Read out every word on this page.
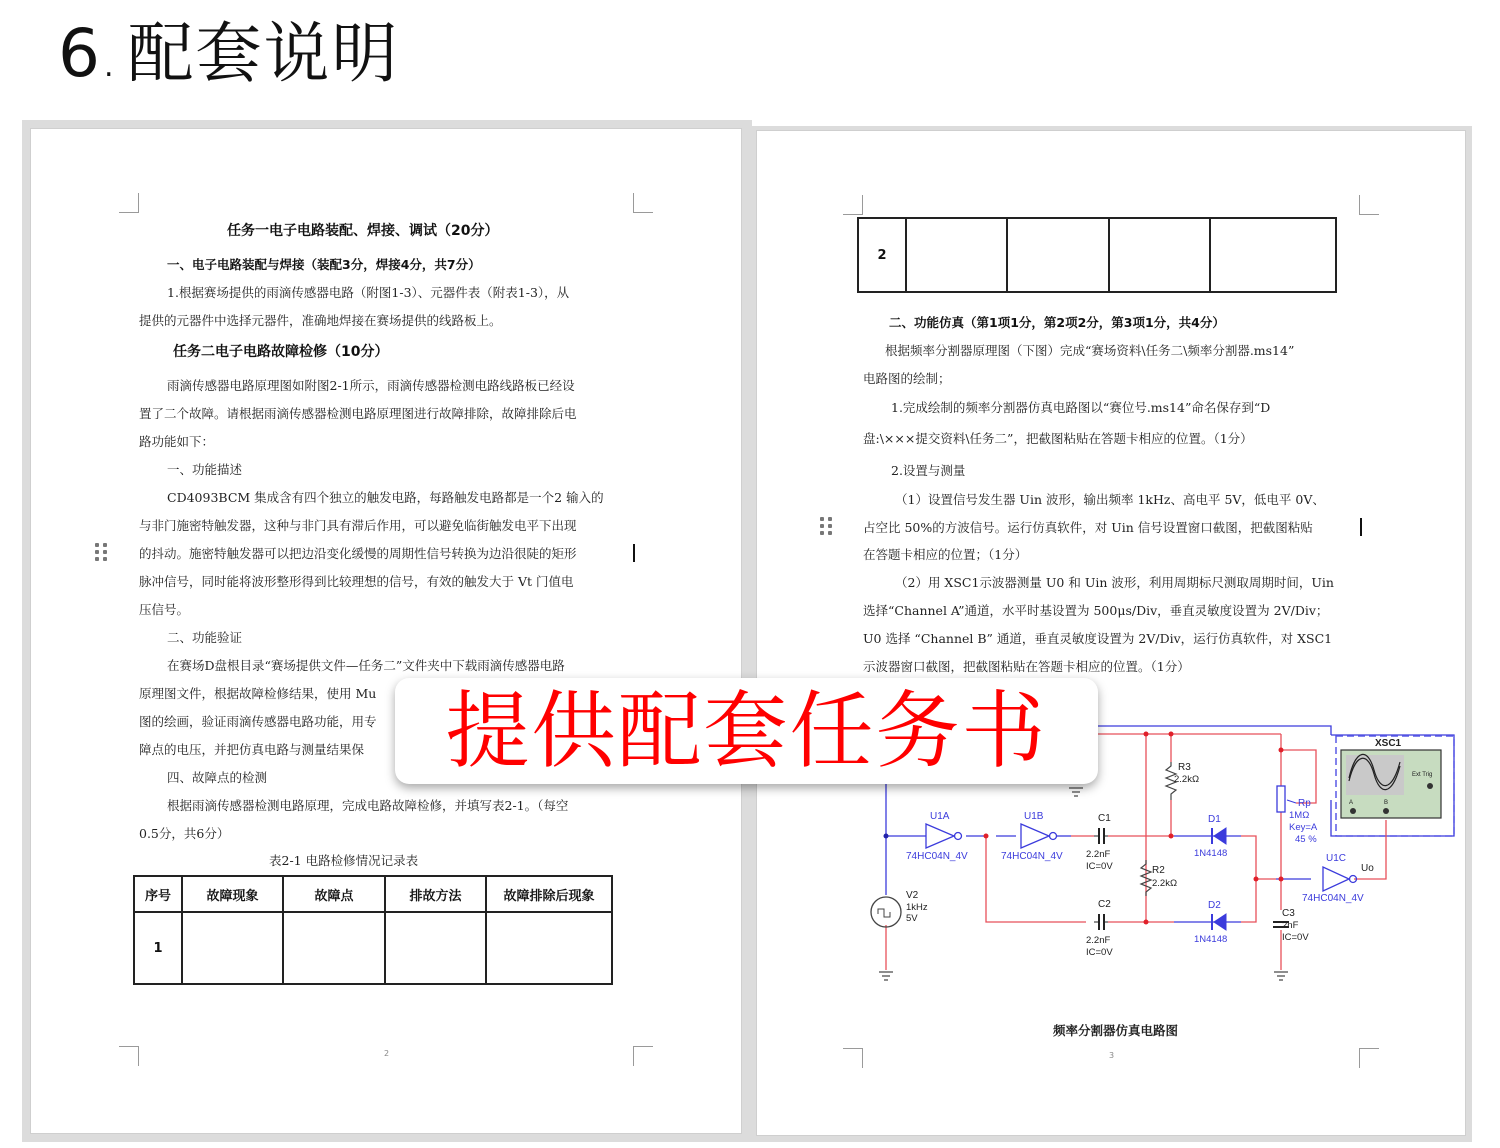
6. 配套说明
任务一电子电路装配、焊接、调试（20分）
一、电子电路装配与焊接（装配3分，焊接4分，共7分）
1.根据赛场提供的雨滴传感器电路（附图1-3）、元器件表（附表1-3），从
提供的元器件中选择元器件，准确地焊接在赛场提供的线路板上。
任务二电子电路故障检修（10分）
雨滴传感器电路原理图如附图2-1所示，雨滴传感器检测电路线路板已经设
置了二个故障。请根据雨滴传感器检测电路原理图进行故障排除，故障排除后电
路功能如下：
一、功能描述
CD4093BCM 集成含有四个独立的触发电路，每路触发电路都是一个2 输入的
与非门施密特触发器，这种与非门具有滞后作用，可以避免临街触发电平下出现
的抖动。施密特触发器可以把边沿变化缓慢的周期性信号转换为边沿很陡的矩形
脉冲信号，同时能将波形整形得到比较理想的信号，有效的触发大于 Vt 门值电
压信号。
二、功能验证
在赛场D盘根目录“赛场提供文件—任务二”文件夹中下载雨滴传感器电路
原理图文件，根据故障检修结果，使用 Mu
图的绘画，验证雨滴传感器电路功能，用专
障点的电压，并把仿真电路与测量结果保
四、故障点的检测
根据雨滴传感器检测电路原理，完成电路故障检修，并填写表2-1。（每空
0.5分，共6分）
表2-1 电路检修情况记录表
序号	故障现象	故障点	排故方法	故障排除后现象
1				
2
2				
二、功能仿真（第1项1分，第2项2分，第3项1分，共4分）
根据频率分割器原理图（下图）完成“赛场资料\任务二\频率分割器.ms14”
电路图的绘制；
1.完成绘制的频率分割器仿真电路图以“赛位号.ms14”命名保存到“D
盘:\×××提交资料\任务二”，把截图粘贴在答题卡相应的位置。（1分）
2.设置与测量
（1）设置信号发生器 Uin 波形，输出频率 1kHz、高电平 5V，低电平 0V、
占空比 50%的方波信号。运行仿真软件，对 Uin 信号设置窗口截图，把截图粘贴
在答题卡相应的位置；（1分）
（2）用 XSC1示波器测量 U0 和 Uin 波形，利用周期标尺测取周期时间，Uin
选择“Channel A”通道，水平时基设置为 500μs/Div，垂直灵敏度设置为 2V/Div；
U0 选择 “Channel B” 通道，垂直灵敏度设置为 2V/Div，运行仿真软件，对 XSC1
示波器窗口截图，把截图粘贴在答题卡相应的位置。（1分）
频率分割器仿真电路图
3
U1A
74HC04N_4V
U1B
74HC04N_4V	U1C
74HC04N_4V
Uo
V2
1kHz
5V
C1
2.2nF
IC=0V
C2
2.2nF
IC=0V
C3
2nF
IC=0V
R3
2.2kΩ
R2
2.2kΩ
D1
1N4148
D2
1N4148
Rp
1MΩ
Key=A
45 %
XSC1
Ext Trig
A	B
提供配套任务书
